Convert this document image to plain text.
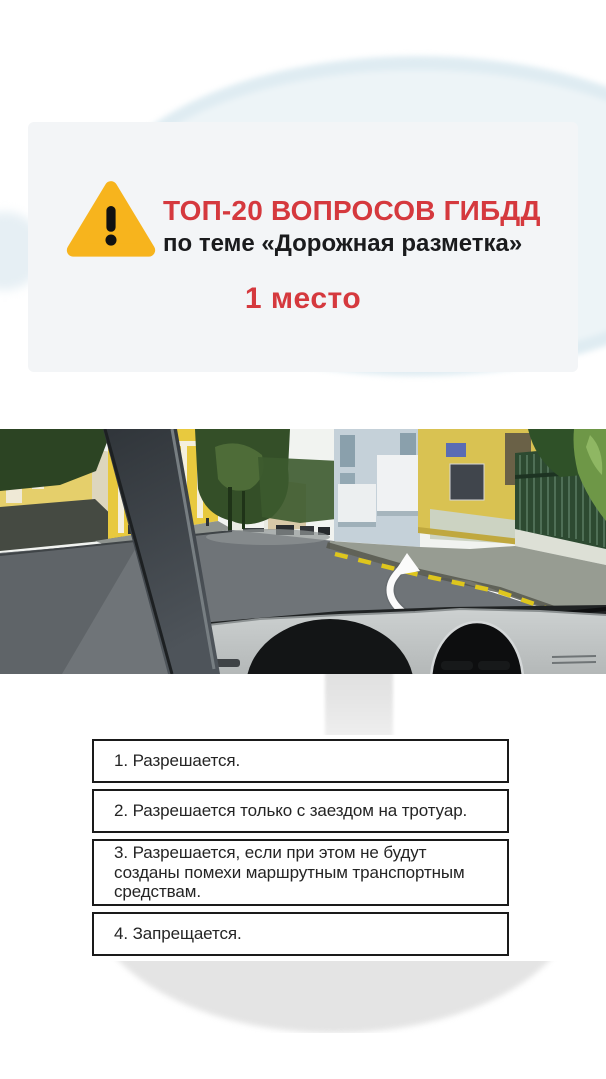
ТОП-20 ВОПРОСОВ ГИБДД
по теме «Дорожная разметка»
1 место
1. Разрешается.
2. Разрешается только с заездом на тротуар.
3. Разрешается, если при этом не будут созданы помехи маршрутным транспортным средствам.
4. Запрещается.
